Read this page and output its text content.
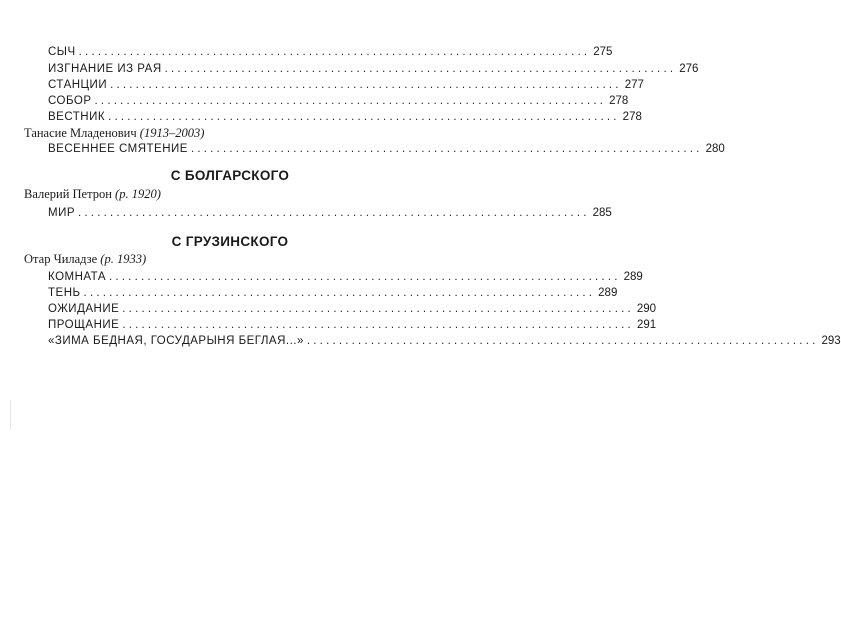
СЫЧ ................................................................................ 275
ИЗГНАНИЕ ИЗ РАЯ ................................................................................ 276
СТАНЦИИ ................................................................................ 277
СОБОР ................................................................................ 278
ВЕСТНИК ................................................................................ 278
Танасие Младенович (1913–2003)
ВЕСЕННЕЕ СМЯТЕНИЕ ................................................................................ 280
С БОЛГАРСКОГО
Валерий Петрон (р. 1920)
МИР ................................................................................ 285
С ГРУЗИНСКОГО
Отар Чиладзе (р. 1933)
КОМНАТА ................................................................................ 289
ТЕНЬ ................................................................................ 289
ОЖИДАНИЕ ................................................................................ 290
ПРОЩАНИЕ ................................................................................ 291
«ЗИМА БЕДНАЯ, ГОСУДАРЫНЯ БЕГЛАЯ...» ................................................................................ 293
